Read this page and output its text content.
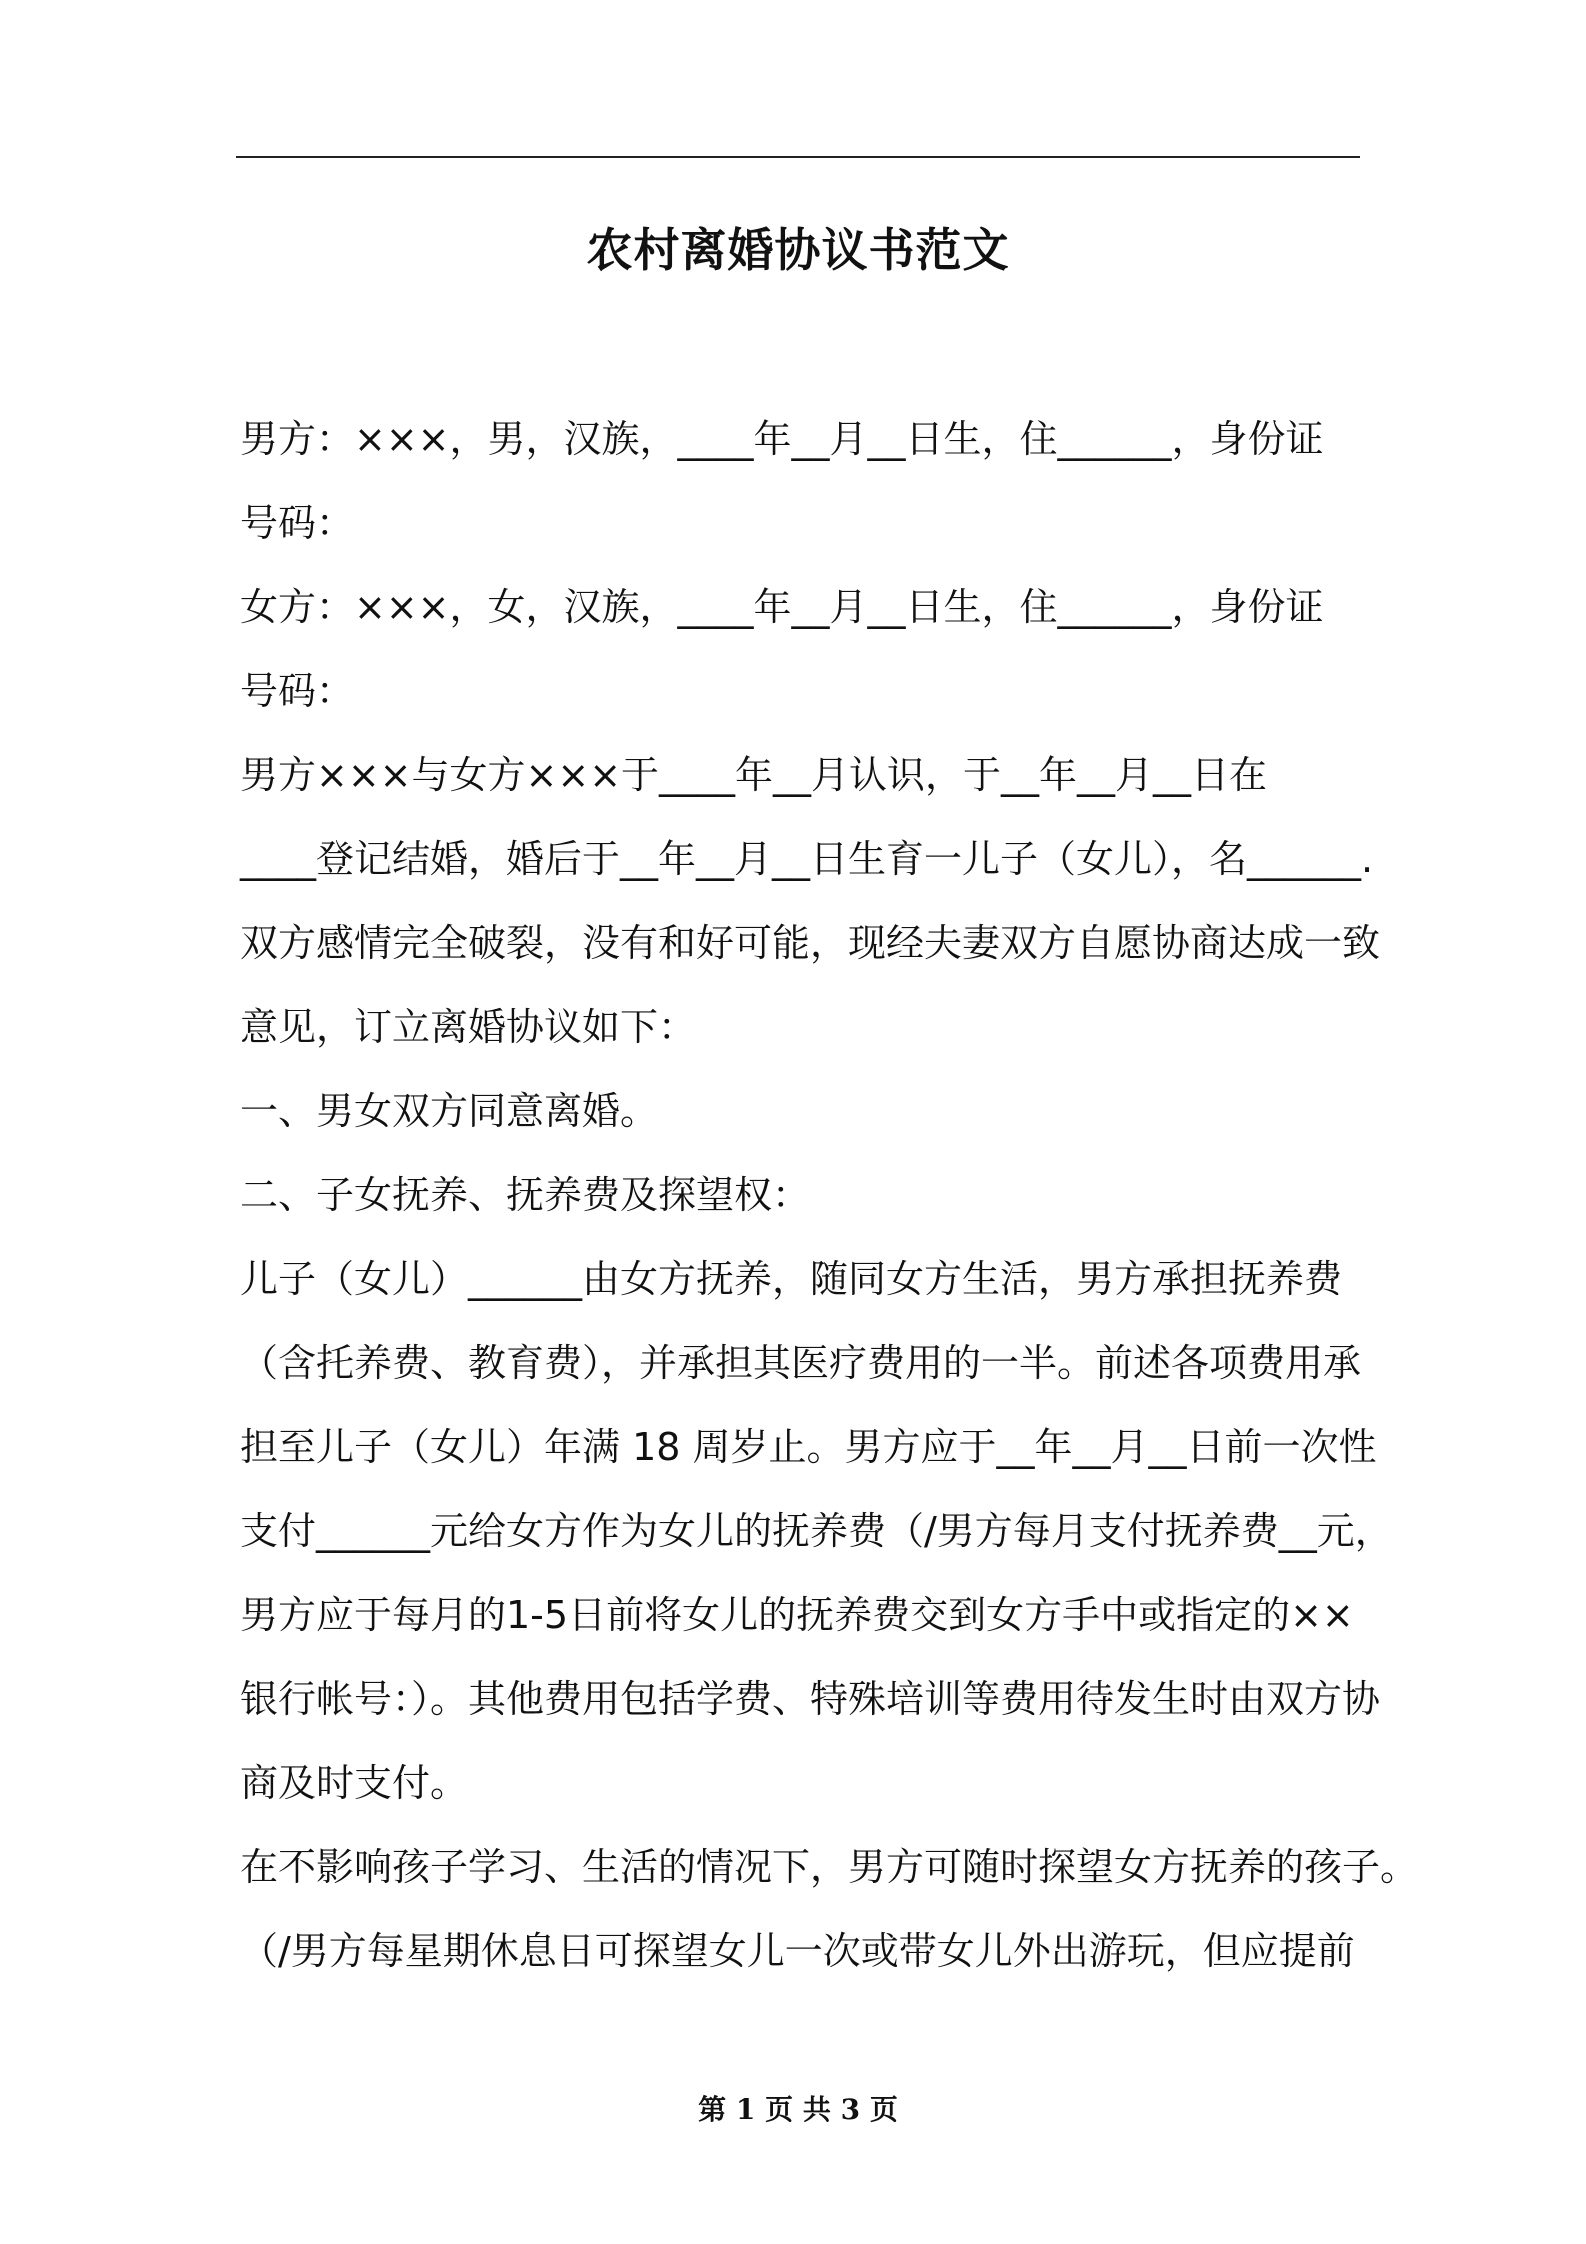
农村离婚协议书范文
男方：×××，男，汉族，____年__月__日生，住______，身份证
号码：
女方：×××，女，汉族，____年__月__日生，住______，身份证
号码：
男方×××与女方×××于____年__月认识，于__年__月__日在
____登记结婚，婚后于__年__月__日生育一儿子（女儿），名______.
双方感情完全破裂，没有和好可能，现经夫妻双方自愿协商达成一致
意见，订立离婚协议如下：
一、男女双方同意离婚。
二、子女抚养、抚养费及探望权：
儿子（女儿）______由女方抚养，随同女方生活，男方承担抚养费
（含托养费、教育费），并承担其医疗费用的一半。前述各项费用承
担至儿子（女儿）年满 18 周岁止。男方应于__年__月__日前一次性
支付______元给女方作为女儿的抚养费（/男方每月支付抚养费__元，
男方应于每月的1-5日前将女儿的抚养费交到女方手中或指定的××
银行帐号：）。其他费用包括学费、特殊培训等费用待发生时由双方协
商及时支付。
在不影响孩子学习、生活的情况下，男方可随时探望女方抚养的孩子。
（/男方每星期休息日可探望女儿一次或带女儿外出游玩，但应提前
第 1 页 共 3 页
